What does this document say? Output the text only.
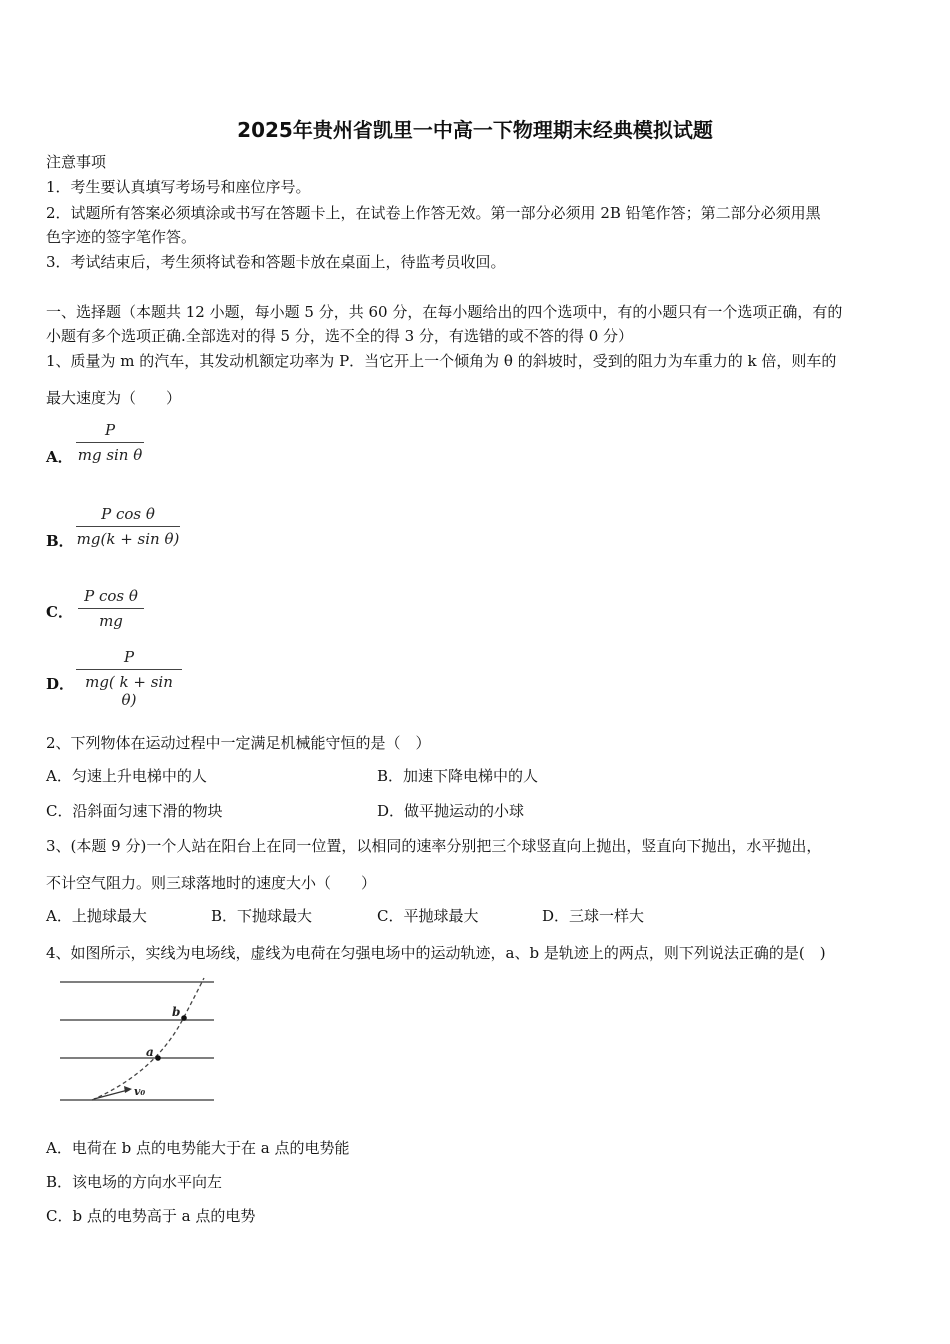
2025年贵州省凯里一中高一下物理期末经典模拟试题
注意事项
1．考生要认真填写考场号和座位序号。
2．试题所有答案必须填涂或书写在答题卡上，在试卷上作答无效。第一部分必须用 2B 铅笔作答；第二部分必须用黑
色字迹的签字笔作答。
3．考试结束后，考生须将试卷和答题卡放在桌面上，待监考员收回。
一、选择题（本题共 12 小题，每小题 5 分，共 60 分，在每小题给出的四个选项中，有的小题只有一个选项正确，有的
小题有多个选项正确.全部选对的得 5 分，选不全的得 3 分，有选错的或不答的得 0 分）
1、质量为 m 的汽车，其发动机额定功率为 P．当它开上一个倾角为 θ 的斜坡时，受到的阻力为车重力的 k 倍，则车的
最大速度为（　　）
A．
P
mg sin θ
B．
P cos θ
mg(k + sin θ)
C．
P cos θ
mg
D．
P
mg( k + sin θ)
2、下列物体在运动过程中一定满足机械能守恒的是（　）
A．匀速上升电梯中的人	B．加速下降电梯中的人
C．沿斜面匀速下滑的物块	D．做平抛运动的小球
3、(本题 9 分)一个人站在阳台上在同一位置，以相同的速率分别把三个球竖直向上抛出，竖直向下抛出，水平抛出，
不计空气阻力。则三球落地时的速度大小（　　）
A．上抛球最大	B．下抛球最大	C．平抛球最大	D．三球一样大
4、如图所示，实线为电场线，虚线为电荷在匀强电场中的运动轨迹，a、b 是轨迹上的两点，则下列说法正确的是(　)
b
a
v₀
A．电荷在 b 点的电势能大于在 a 点的电势能
B．该电场的方向水平向左
C．b 点的电势高于 a 点的电势
